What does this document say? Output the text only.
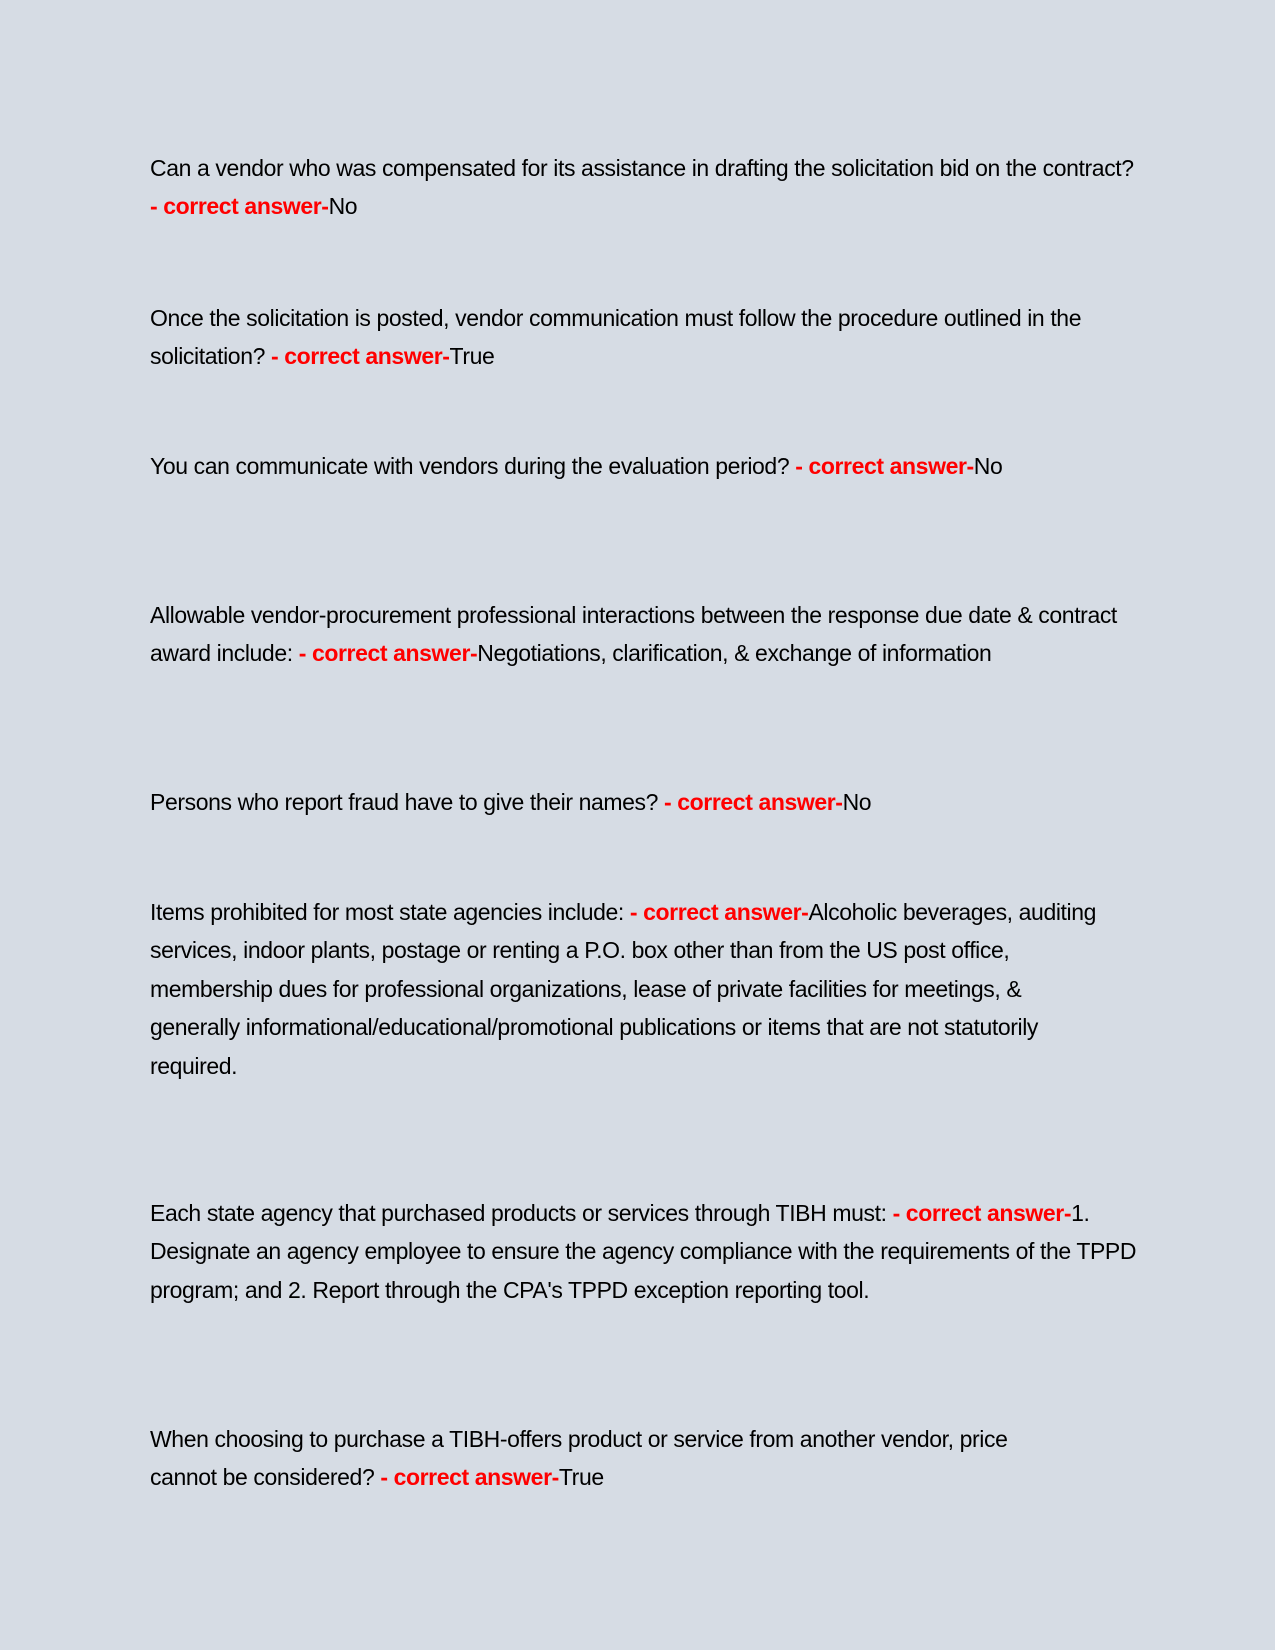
Can a vendor who was compensated for its assistance in drafting the solicitation bid on the contract? - correct answer-No

Once the solicitation is posted, vendor communication must follow the procedure outlined in the solicitation? - correct answer-True

You can communicate with vendors during the evaluation period? - correct answer-No

Allowable vendor-procurement professional interactions between the response due date & contract award include: - correct answer-Negotiations, clarification, & exchange of information

Persons who report fraud have to give their names? - correct answer-No

Items prohibited for most state agencies include: - correct answer-Alcoholic beverages, auditing services, indoor plants, postage or renting a P.O. box other than from the US post office, membership dues for professional organizations, lease of private facilities for meetings, & generally informational/educational/promotional publications or items that are not statutorily required.

Each state agency that purchased products or services through TIBH must: - correct answer-1. Designate an agency employee to ensure the agency compliance with the requirements of the TPPD program; and 2. Report through the CPA's TPPD exception reporting tool.

When choosing to purchase a TIBH-offers product or service from another vendor, price cannot be considered? - correct answer-True
